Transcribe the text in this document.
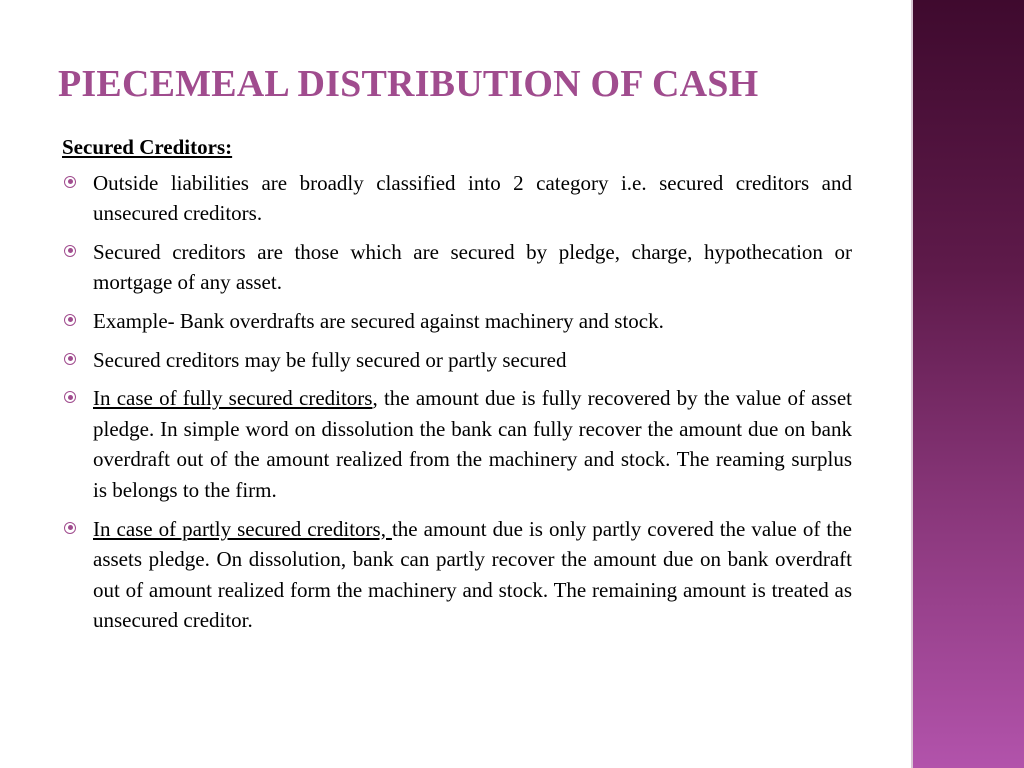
PIECEMEAL DISTRIBUTION OF CASH
Secured Creditors:
Outside liabilities are broadly classified into 2 category i.e. secured creditors and unsecured creditors.
Secured creditors are those which are secured by pledge, charge, hypothecation or mortgage of any asset.
Example- Bank overdrafts are secured against machinery and stock.
Secured creditors may be fully secured or partly secured
In case of fully secured creditors, the amount due is fully recovered by the value of asset pledge. In simple word on dissolution the bank can fully recover the amount due on bank overdraft out of the amount realized from the machinery and stock. The reaming surplus is belongs to the firm.
In case of partly secured creditors, the amount due is only partly covered the value of the assets pledge. On dissolution, bank can partly recover the amount due on bank overdraft out of amount realized form the machinery and stock. The remaining amount is treated as unsecured creditor.
